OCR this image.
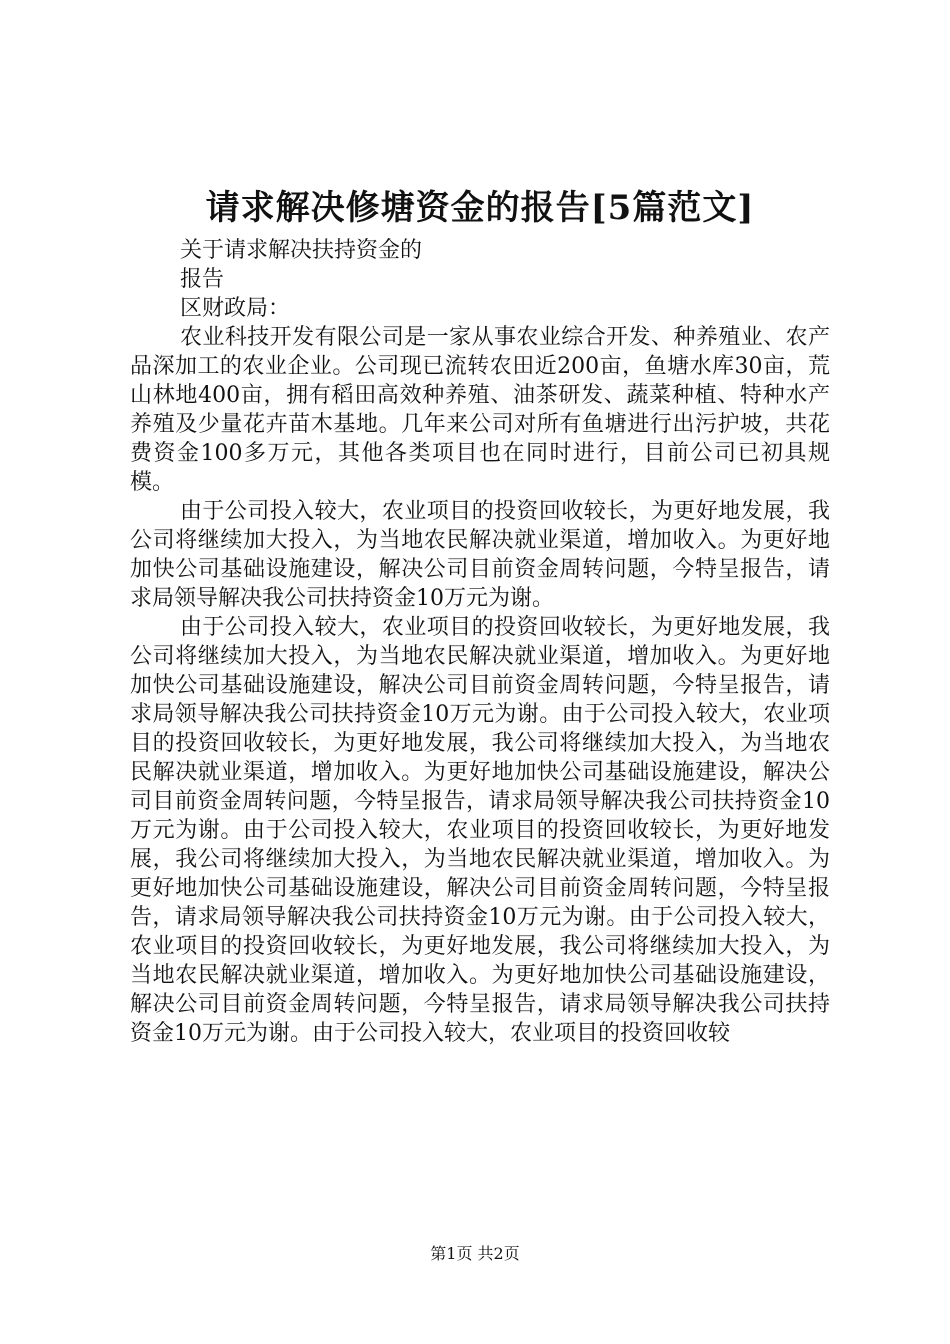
请求解决修塘资金的报告[5篇范文]

关于请求解决扶持资金的

报告

区财政局：

农业科技开发有限公司是一家从事农业综合开发、种养殖业、农产品深加工的农业企业。公司现已流转农田近200亩，鱼塘水库30亩，荒山林地400亩，拥有稻田高效种养殖、油茶研发、蔬菜种植、特种水产养殖及少量花卉苗木基地。几年来公司对所有鱼塘进行出污护坡，共花费资金100多万元，其他各类项目也在同时进行，目前公司已初具规模。

由于公司投入较大，农业项目的投资回收较长，为更好地发展，我公司将继续加大投入，为当地农民解决就业渠道，增加收入。为更好地加快公司基础设施建设，解决公司目前资金周转问题，今特呈报告，请求局领导解决我公司扶持资金10万元为谢。

由于公司投入较大，农业项目的投资回收较长，为更好地发展，我公司将继续加大投入，为当地农民解决就业渠道，增加收入。为更好地加快公司基础设施建设，解决公司目前资金周转问题，今特呈报告，请求局领导解决我公司扶持资金10万元为谢。由于公司投入较大，农业项目的投资回收较长，为更好地发展，我公司将继续加大投入，为当地农民解决就业渠道，增加收入。为更好地加快公司基础设施建设，解决公司目前资金周转问题，今特呈报告，请求局领导解决我公司扶持资金10万元为谢。由于公司投入较大，农业项目的投资回收较长，为更好地发展，我公司将继续加大投入，为当地农民解决就业渠道，增加收入。为更好地加快公司基础设施建设，解决公司目前资金周转问题，今特呈报告，请求局领导解决我公司扶持资金10万元为谢。由于公司投入较大，农业项目的投资回收较长，为更好地发展，我公司将继续加大投入，为当地农民解决就业渠道，增加收入。为更好地加快公司基础设施建设，解决公司目前资金周转问题，今特呈报告，请求局领导解决我公司扶持资金10万元为谢。由于公司投入较大，农业项目的投资回收较

第1页 共2页
